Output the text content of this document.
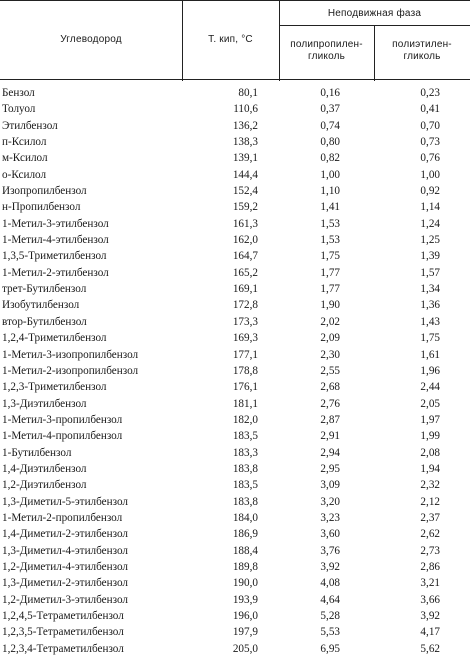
Углеводород	Т. кип, °С
Неподвижная фаза
полипропилен-
гликоль
полиэтилен-
гликоль
Бензол	80,1	0,16	0,23
Толуол	110,6	0,37	0,41
Этилбензол	136,2	0,74	0,70
п-Ксилол	138,3	0,80	0,73
м-Ксилол	139,1	0,82	0,76
о-Ксилол	144,4	1,00	1,00
Изопропилбензол	152,4	1,10	0,92
н-Пропилбензол	159,2	1,41	1,14
1-Метил-3-этилбензол	161,3	1,53	1,24
1-Метил-4-этилбензол	162,0	1,53	1,25
1,3,5-Триметилбензол	164,7	1,75	1,39
1-Метил-2-этилбензол	165,2	1,77	1,57
трет-Бутилбензол	169,1	1,77	1,34
Изобутилбензол	172,8	1,90	1,36
втор-Бутилбензол	173,3	2,02	1,43
1,2,4-Триметилбензол	169,3	2,09	1,75
1-Метил-3-изопропилбензол	177,1	2,30	1,61
1-Метил-2-изопропилбензол	178,8	2,55	1,96
1,2,3-Триметилбензол	176,1	2,68	2,44
1,3-Диэтилбензол	181,1	2,76	2,05
1-Метил-3-пропилбензол	182,0	2,87	1,97
1-Метил-4-пропилбензол	183,5	2,91	1,99
1-Бутилбензол	183,3	2,94	2,08
1,4-Диэтилбензол	183,8	2,95	1,94
1,2-Диэтилбензол	183,5	3,09	2,32
1,3-Диметил-5-этилбензол	183,8	3,20	2,12
1-Метил-2-пропилбензол	184,0	3,23	2,37
1,4-Диметил-2-этилбензол	186,9	3,60	2,62
1,3-Диметил-4-этилбензол	188,4	3,76	2,73
1,2-Диметил-4-этилбензол	189,8	3,92	2,86
1,3-Диметил-2-этилбензол	190,0	4,08	3,21
1,2-Диметил-3-этилбензол	193,9	4,64	3,66
1,2,4,5-Тетраметилбензол	196,0	5,28	3,92
1,2,3,5-Тетраметилбензол	197,9	5,53	4,17
1,2,3,4-Тетраметилбензол	205,0	6,95	5,62
